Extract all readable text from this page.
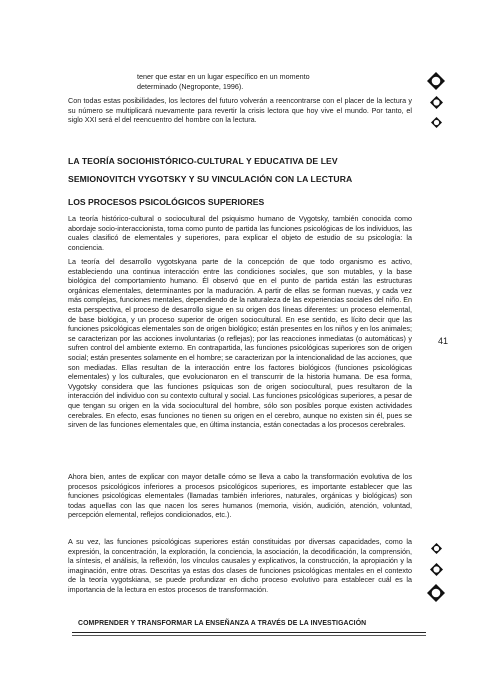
tener que estar en un lugar específico en un momento determinado (Negroponte, 1996).

Con todas estas posibilidades, los lectores del futuro volverán a reencontrarse con el placer de la lectura y su número se multiplicará nuevamente para revertir la crisis lectora que hoy vive el mundo. Por tanto, el siglo XXI será el del reencuentro del hombre con la lectura.

LA TEORÍA SOCIOHISTÓRICO-CULTURAL Y EDUCATIVA DE LEV
SEMIONOVITCH VYGOTSKY Y SU VINCULACIÓN CON LA LECTURA
LOS PROCESOS PSICOLÓGICOS SUPERIORES

La teoría histórico-cultural o sociocultural del psiquismo humano de Vygotsky, también conocida como abordaje socio-interaccionista, toma como punto de partida las funciones psicológicas de los individuos, las cuales clasificó de elementales y superiores, para explicar el objeto de estudio de su psicología: la conciencia.

La teoría del desarrollo vygotskyana parte de la concepción de que todo organismo es activo, estableciendo una continua interacción entre las condiciones sociales, que son mutables, y la base biológica del comportamiento humano. Él observó que en el punto de partida están las estructuras orgánicas elementales, determinantes por la maduración. A partir de ellas se forman nuevas, y cada vez más complejas, funciones mentales, dependiendo de la naturaleza de las experiencias sociales del niño. En esta perspectiva, el proceso de desarrollo sigue en su origen dos líneas diferentes: un proceso elemental, de base biológica, y un proceso superior de origen sociocultural. En ese sentido, es lícito decir que las funciones psicológicas elementales son de origen biológico; están presentes en los niños y en los animales; se caracterizan por las acciones involuntarias (o reflejas); por las reacciones inmediatas (o automáticas) y sufren control del ambiente externo. En contrapartida, las funciones psicológicas superiores son de origen social; están presentes solamente en el hombre; se caracterizan por la intencionalidad de las acciones, que son mediadas. Ellas resultan de la interacción entre los factores biológicos (funciones psicológicas elementales) y los culturales, que evolucionaron en el transcurrir de la historia humana. De esa forma, Vygotsky considera que las funciones psíquicas son de origen sociocultural, pues resultaron de la interacción del individuo con su contexto cultural y social. Las funciones psicológicas superiores, a pesar de que tengan su origen en la vida sociocultural del hombre, sólo son posibles porque existen actividades cerebrales. En efecto, esas funciones no tienen su origen en el cerebro, aunque no existen sin él, pues se sirven de las funciones elementales que, en última instancia, están conectadas a los procesos cerebrales.

Ahora bien, antes de explicar con mayor detalle cómo se lleva a cabo la transformación evolutiva de los procesos psicológicos inferiores a procesos psicológicos superiores, es importante establecer que las funciones psicológicas elementales (llamadas también inferiores, naturales, orgánicas y biológicas) son todas aquellas con las que nacen los seres humanos (memoria, visión, audición, atención, voluntad, percepción elemental, reflejos condicionados, etc.).

A su vez, las funciones psicológicas superiores están constituidas por diversas capacidades, como la expresión, la concentración, la exploración, la conciencia, la asociación, la decodificación, la comprensión, la síntesis, el análisis, la reflexión, los vínculos causales y explicativos, la construcción, la apropiación y la imaginación, entre otras. Descritas ya estas dos clases de funciones psicológicas mentales en el contexto de la teoría vygotskiana, se puede profundizar en dicho proceso evolutivo para establecer cuál es la importancia de la lectura en estos procesos de transformación.

41
COMPRENDER Y TRANSFORMAR LA ENSEÑANZA A TRAVÉS DE LA INVESTIGACIÓN
